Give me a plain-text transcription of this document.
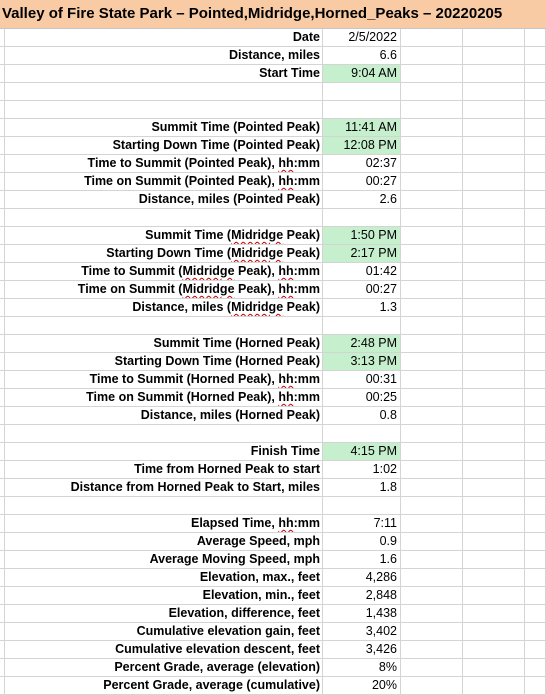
Valley of Fire State Park – Pointed,Midridge,Horned_Peaks – 20220205
Date	2/5/2022
Distance, miles	6.6
Start Time	9:04 AM
Summit Time (Pointed Peak)	11:41 AM
Starting Down Time (Pointed Peak)	12:08 PM
Time to Summit (Pointed Peak), hh:mm	02:37
Time on Summit (Pointed Peak), hh:mm	00:27
Distance, miles (Pointed Peak)	2.6
Summit Time (Midridge Peak)	1:50 PM
Starting Down Time (Midridge Peak)	2:17 PM
Time to Summit (Midridge Peak), hh:mm	01:42
Time on Summit (Midridge Peak), hh:mm	00:27
Distance, miles (Midridge Peak)	1.3
Summit Time (Horned Peak)	2:48 PM
Starting Down Time (Horned Peak)	3:13 PM
Time to Summit (Horned Peak), hh:mm	00:31
Time on Summit (Horned Peak), hh:mm	00:25
Distance, miles (Horned Peak)	0.8
Finish Time	4:15 PM
Time from Horned Peak to start	1:02
Distance from Horned Peak to Start, miles	1.8
Elapsed Time, hh:mm	7:11
Average Speed, mph	0.9
Average Moving Speed, mph	1.6
Elevation, max., feet	4,286
Elevation, min., feet	2,848
Elevation, difference, feet	1,438
Cumulative elevation gain, feet	3,402
Cumulative elevation descent, feet	3,426
Percent Grade, average (elevation)	8%
Percent Grade, average (cumulative)	20%
